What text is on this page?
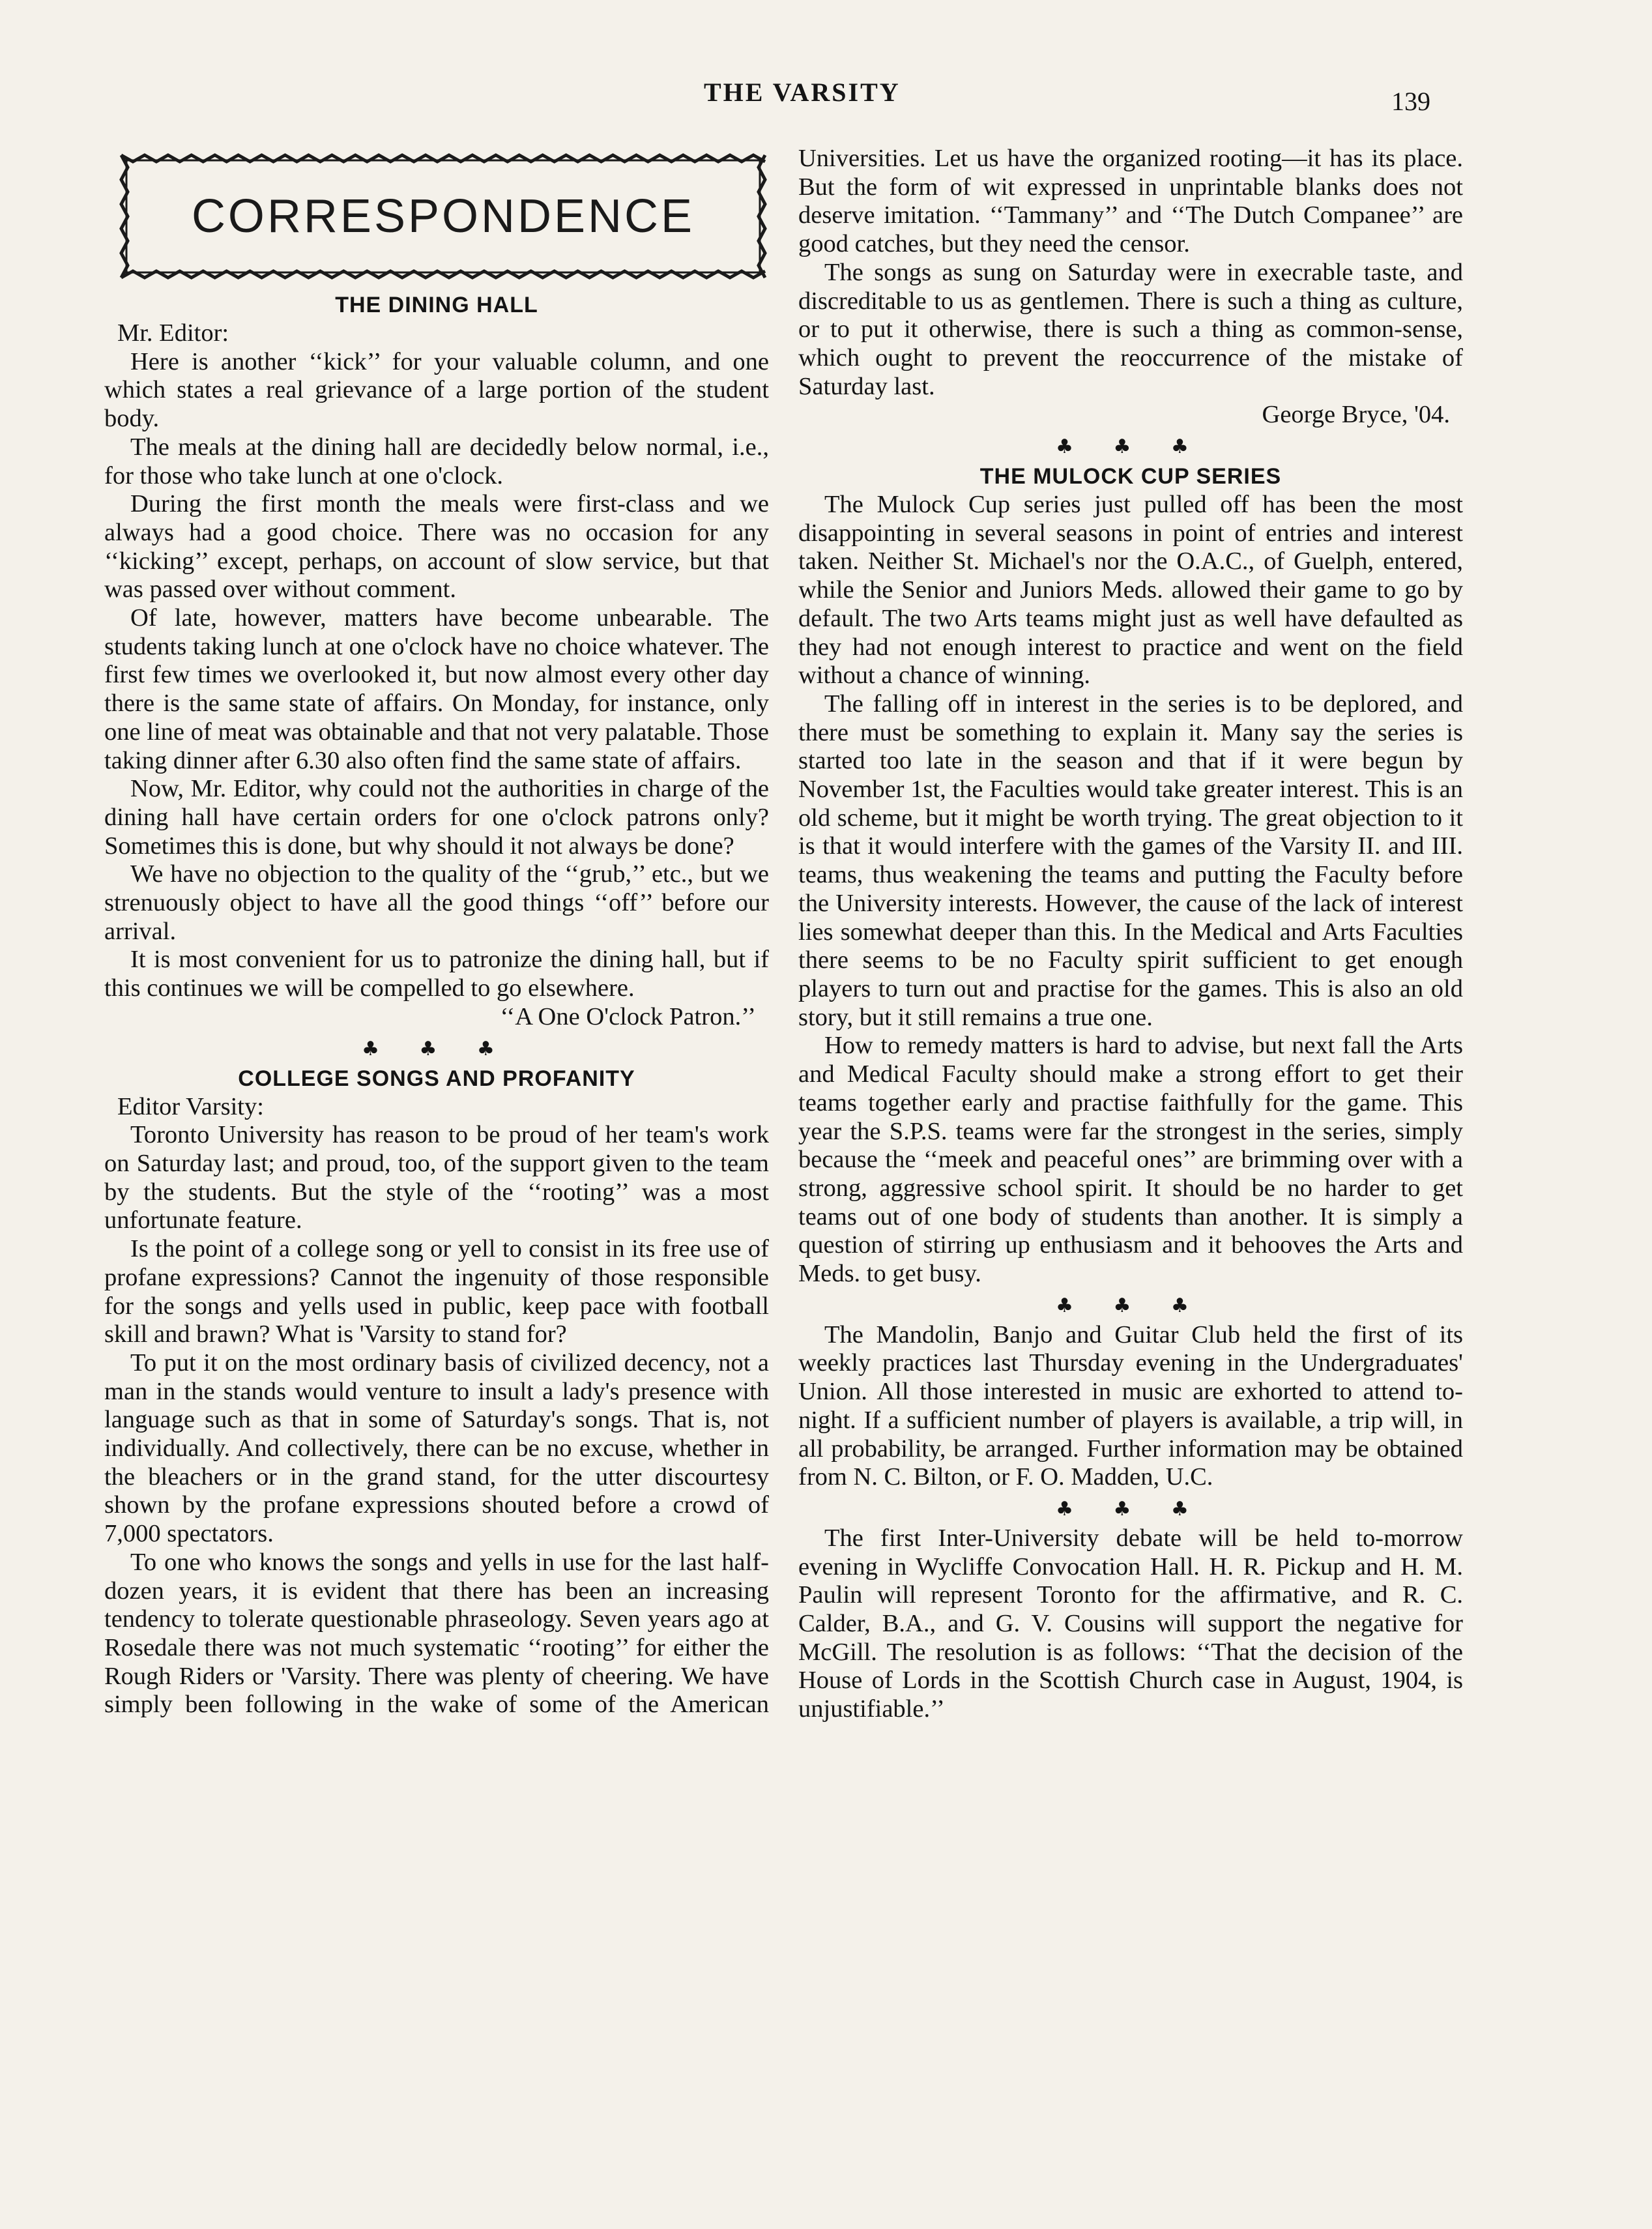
THE VARSITY	139
CORRESPONDENCE
THE DINING HALL
Mr. Editor:

Here is another ‘‘kick’’ for your valuable column, and one which states a real grievance of a large portion of the student body.

The meals at the dining hall are decidedly below normal, i.e., for those who take lunch at one o'clock.

During the first month the meals were first-class and we always had a good choice. There was no occasion for any ‘‘kicking’’ except, perhaps, on account of slow service, but that was passed over without comment.

Of late, however, matters have become unbearable. The students taking lunch at one o'clock have no choice whatever. The first few times we overlooked it, but now almost every other day there is the same state of affairs. On Monday, for instance, only one line of meat was obtainable and that not very palatable. Those taking dinner after 6.30 also often find the same state of affairs.

Now, Mr. Editor, why could not the authorities in charge of the dining hall have certain orders for one o'clock patrons only? Sometimes this is done, but why should it not always be done?

We have no objection to the quality of the ‘‘grub,’’ etc., but we strenuously object to have all the good things ‘‘off’’ before our arrival.

It is most convenient for us to patronize the dining hall, but if this continues we will be compelled to go elsewhere.

‘‘A One O'clock Patron.’’

♣ ♣ ♣
COLLEGE SONGS AND PROFANITY
Editor Varsity:

Toronto University has reason to be proud of her team's work on Saturday last; and proud, too, of the support given to the team by the students. But the style of the ‘‘rooting’’ was a most unfortunate feature.

Is the point of a college song or yell to consist in its free use of profane expressions? Cannot the ingenuity of those responsible for the songs and yells used in public, keep pace with football skill and brawn? What is 'Varsity to stand for?

To put it on the most ordinary basis of civilized decency, not a man in the stands would venture to insult a lady's presence with language such as that in some of Saturday's songs. That is, not individually. And collectively, there can be no excuse, whether in the bleachers or in the grand stand, for the utter discourtesy shown by the profane expressions shouted before a crowd of 7,000 spectators.

To one who knows the songs and yells in use for the last half-dozen years, it is evident that there has been an increasing tendency to tolerate questionable phraseology. Seven years ago at Rosedale there was not much systematic ‘‘rooting’’ for either the Rough Riders or 'Varsity. There was plenty of cheering. We have simply been following in the wake of some of the American

Universities. Let us have the organized rooting—it has its place. But the form of wit expressed in unprintable blanks does not deserve imitation. ‘‘Tammany’’ and ‘‘The Dutch Companee’’ are good catches, but they need the censor.

The songs as sung on Saturday were in execrable taste, and discreditable to us as gentlemen. There is such a thing as culture, or to put it otherwise, there is such a thing as common-sense, which ought to prevent the reoccurrence of the mistake of Saturday last.

George Bryce, '04.

♣ ♣ ♣
THE MULOCK CUP SERIES

The Mulock Cup series just pulled off has been the most disappointing in several seasons in point of entries and interest taken. Neither St. Michael's nor the O.A.C., of Guelph, entered, while the Senior and Juniors Meds. allowed their game to go by default. The two Arts teams might just as well have defaulted as they had not enough interest to practice and went on the field without a chance of winning.

The falling off in interest in the series is to be deplored, and there must be something to explain it. Many say the series is started too late in the season and that if it were begun by November 1st, the Faculties would take greater interest. This is an old scheme, but it might be worth trying. The great objection to it is that it would interfere with the games of the Varsity II. and III. teams, thus weakening the teams and putting the Faculty before the University interests. However, the cause of the lack of interest lies somewhat deeper than this. In the Medical and Arts Faculties there seems to be no Faculty spirit sufficient to get enough players to turn out and practise for the games. This is also an old story, but it still remains a true one.

How to remedy matters is hard to advise, but next fall the Arts and Medical Faculty should make a strong effort to get their teams together early and practise faithfully for the game. This year the S.P.S. teams were far the strongest in the series, simply because the ‘‘meek and peaceful ones’’ are brimming over with a strong, aggressive school spirit. It should be no harder to get teams out of one body of students than another. It is simply a question of stirring up enthusiasm and it behooves the Arts and Meds. to get busy.

♣ ♣ ♣

The Mandolin, Banjo and Guitar Club held the first of its weekly practices last Thursday evening in the Undergraduates' Union. All those interested in music are exhorted to attend to-night. If a sufficient number of players is available, a trip will, in all probability, be arranged. Further information may be obtained from N. C. Bilton, or F. O. Madden, U.C.

♣ ♣ ♣

The first Inter-University debate will be held to-morrow evening in Wycliffe Convocation Hall. H. R. Pickup and H. M. Paulin will represent Toronto for the affirmative, and R. C. Calder, B.A., and G. V. Cousins will support the negative for McGill. The resolution is as follows: ‘‘That the decision of the House of Lords in the Scottish Church case in August, 1904, is unjustifiable.’’
